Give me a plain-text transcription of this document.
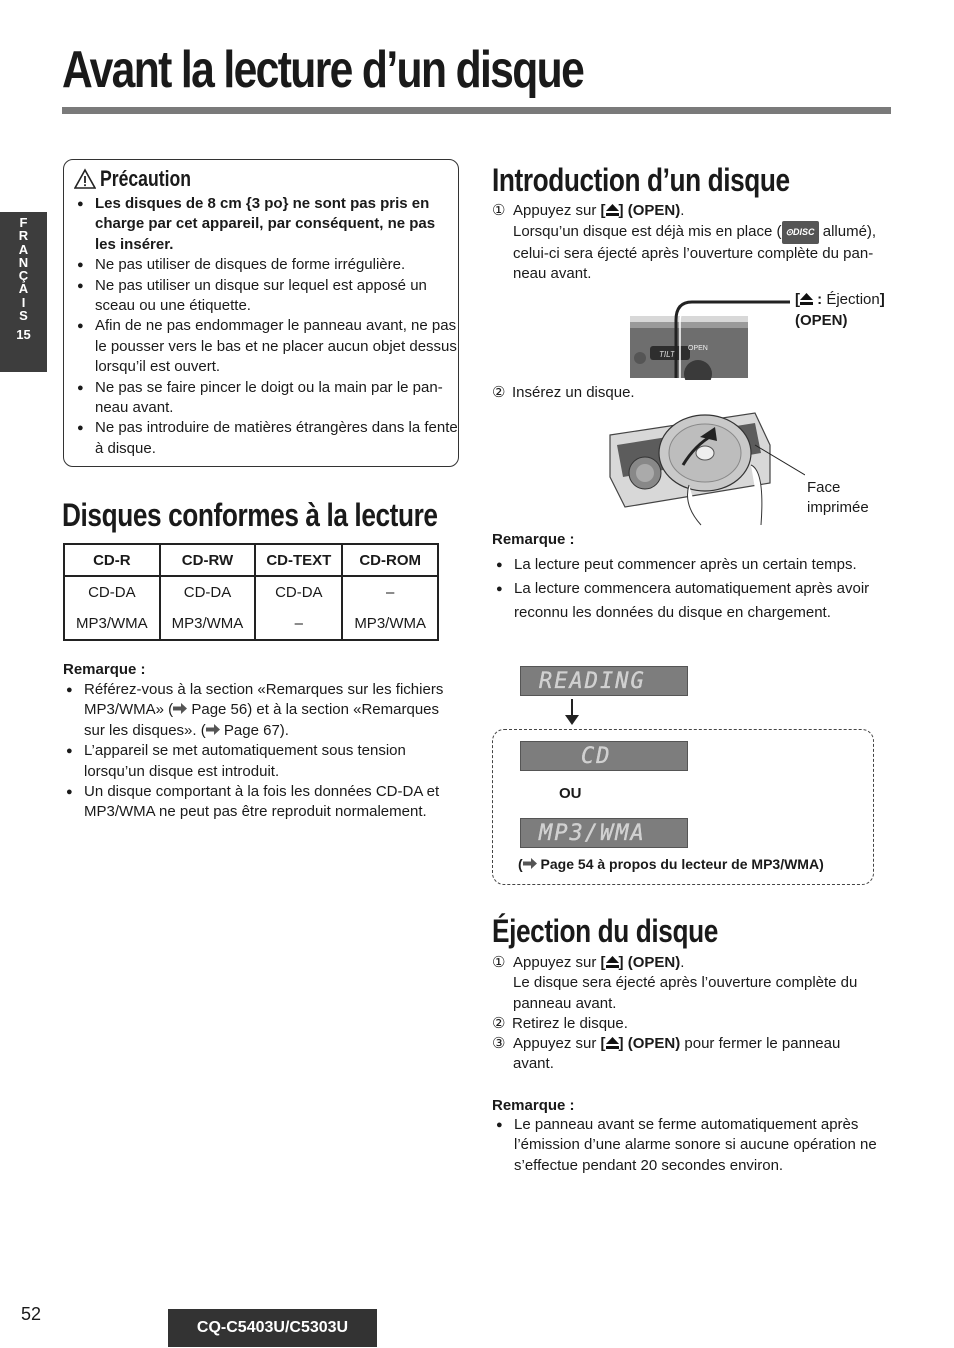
Avant la lecture d’un disque
F
R
A
N
Ç
A
I
S
15
Précaution
● Les disques de 8 cm {3 po} ne sont pas pris en charge par cet appareil, par conséquent, ne pas les insérer.
● Ne pas utiliser de disques de forme irrégulière.
● Ne pas utiliser un disque sur lequel est apposé un sceau ou une étiquette.
● Afin de ne pas endommager le panneau avant, ne pas le pousser vers le bas et ne placer aucun objet dessus lorsqu’il est ouvert.
● Ne pas se faire pincer le doigt ou la main par le pan- neau avant.
● Ne pas introduire de matières étrangères dans la fente à disque.
Disques conformes à la lecture
CD-R	CD-RW	CD-TEXT	CD-ROM
CD-DA	CD-DA	CD-DA	–
MP3/WMA	MP3/WMA	–	MP3/WMA
Remarque :
● Référez-vous à la section «Remarques sur les fichiers MP3/WMA» ( Page 56) et à la section «Remarques sur les disques». ( Page 67).
● L’appareil se met automatiquement sous tension lorsqu’un disque est introduit.
● Un disque comportant à la fois les données CD-DA et MP3/WMA ne peut pas être reproduit normalement.
Introduction d’un disque
① Appuyez sur [ ] (OPEN).
Lorsqu’un disque est déjà mis en place ( ⊙DISC allumé),
celui-ci sera éjecté après l’ouverture complète du pan-
neau avant.
TILT
OPEN
[ : Éjection]
(OPEN)
② Insérez un disque.
Face
imprimée
Remarque :
● La lecture peut commencer après un certain temps.
● La lecture commencera automatiquement après avoir reconnu les données du disque en chargement.
READING
CD
OU
MP3/WMA
( Page 54 à propos du lecteur de MP3/WMA)
Éjection du disque
① Appuyez sur [ ] (OPEN).
Le disque sera éjecté après l’ouverture complète du
panneau avant.
② Retirez le disque.
③ Appuyez sur [ ] (OPEN) pour fermer le panneau
avant.
Remarque :
● Le panneau avant se ferme automatiquement après l’émission d’une alarme sonore si aucune opération ne s’effectue pendant 20 secondes environ.
52
CQ-C5403U/C5303U
